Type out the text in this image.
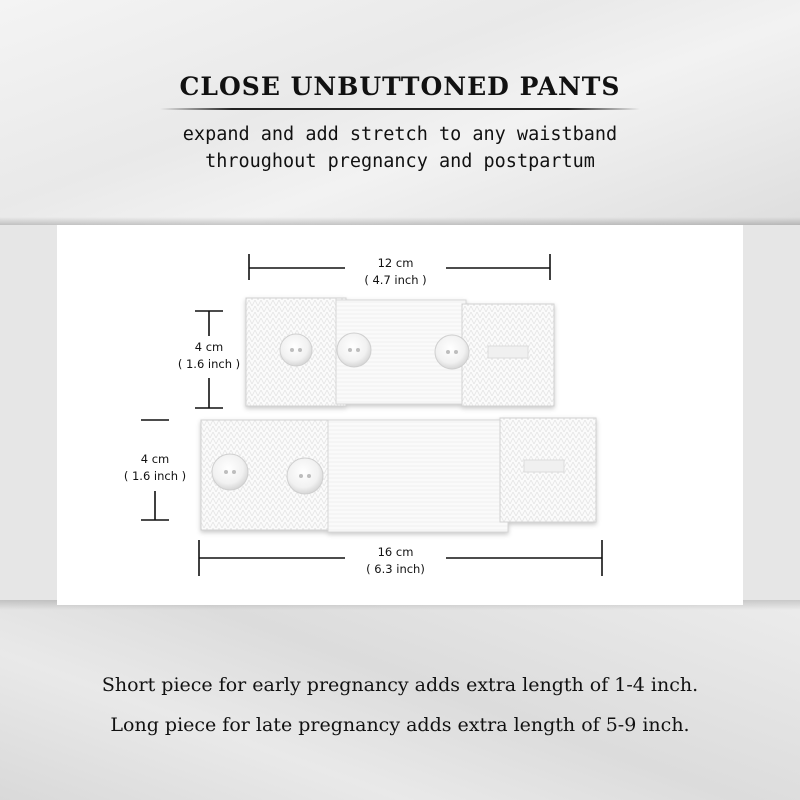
CLOSE UNBUTTONED PANTS
expand and add stretch to any waistband
throughout pregnancy and postpartum
12 cm
( 4.7 inch )
4 cm
( 1.6 inch )
4 cm
( 1.6 inch )
16 cm
( 6.3 inch)
Short piece for early pregnancy adds extra length of 1-4 inch.
Long piece for late pregnancy adds extra length of 5-9 inch.
